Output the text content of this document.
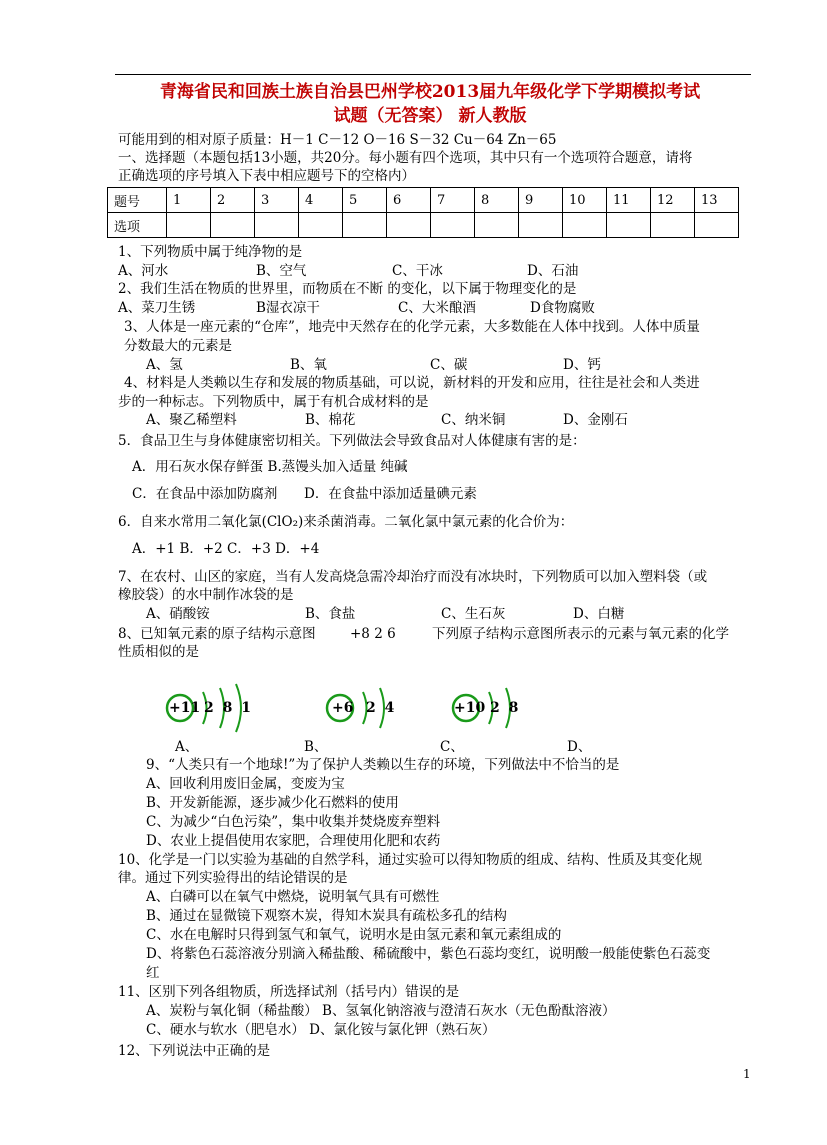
青海省民和回族土族自治县巴州学校2013届九年级化学下学期模拟考试
试题（无答案） 新人教版
可能用到的相对原子质量：H－1 C－12 O－16 S－32 Cu－64 Zn－65
一、选择题（本题包括13小题，共20分。每小题有四个选项，其中只有一个选项符合题意，请将
正确选项的序号填入下表中相应题号下的空格内）
题号	1	2	3	4	5	6	7	8	9	10	11	12	13
选项													
1、下列物质中属于纯净物的是
A、河水	B、空气	C、干冰	D、石油
2、我们生活在物质的世界里，而物质在不断 的变化，以下属于物理变化的是
A、菜刀生锈	B湿衣凉干	C、大米酿酒	D食物腐败
3、人体是一座元素的“仓库”，地壳中天然存在的化学元素，大多数能在人体中找到。人体中质量
分数最大的元素是
A、氢	B、氧	C、碳	D、钙
4、材料是人类赖以生存和发展的物质基础，可以说，新材料的开发和应用，往往是社会和人类进
步的一种标志。下列物质中，属于有机合成材料的是
A、聚乙稀塑料	B、棉花	C、纳米铜	D、金刚石
5．食品卫生与身体健康密切相关。下列做法会导致食品对人体健康有害的是：
A．用石灰水保存鲜蛋 B.蒸馒头加入适量 纯碱
C．在食品中添加防腐剂 D．在食盐中添加适量碘元素
6．自来水常用二氧化氯(ClO₂)来杀菌消毒。二氧化氯中氯元素的化合价为：
A．+1 B．+2 C．+3 D．+4
7、在农村、山区的家庭，当有人发高烧急需冷却治疗而没有冰块时，下列物质可以加入塑料袋（或
橡胶袋）的水中制作冰袋的是
A、硝酸铵	B、食盐	C、生石灰	D、白糖
8、已知氧元素的原子结构示意图	+8 2 6	下列原子结构示意图所表示的元素与氧元素的化学
性质相似的是
+11 2 8 1	+6 2 4	+10 2 8
A、	B、	C、	D、
9、“人类只有一个地球!”为了保护人类赖以生存的环境，下列做法中不恰当的是
A、回收利用废旧金属，变废为宝
B、开发新能源，逐步减少化石燃料的使用
C、为减少“白色污染”，集中收集并焚烧废弃塑料
D、农业上提倡使用农家肥，合理使用化肥和农药
10、化学是一门以实验为基础的自然学科，通过实验可以得知物质的组成、结构、性质及其变化规
律。通过下列实验得出的结论错误的是
A、白磷可以在氧气中燃烧，说明氧气具有可燃性
B、通过在显微镜下观察木炭，得知木炭具有疏松多孔的结构
C、水在电解时只得到氢气和氧气，说明水是由氢元素和氧元素组成的
D、将紫色石蕊溶液分别滴入稀盐酸、稀硫酸中，紫色石蕊均变红，说明酸一般能使紫色石蕊变
红
11、区别下列各组物质，所选择试剂（括号内）错误的是
A、炭粉与氧化铜（稀盐酸） B、氢氧化钠溶液与澄清石灰水（无色酚酞溶液）
C、硬水与软水（肥皂水） D、氯化铵与氯化钾（熟石灰）
12、下列说法中正确的是
1
